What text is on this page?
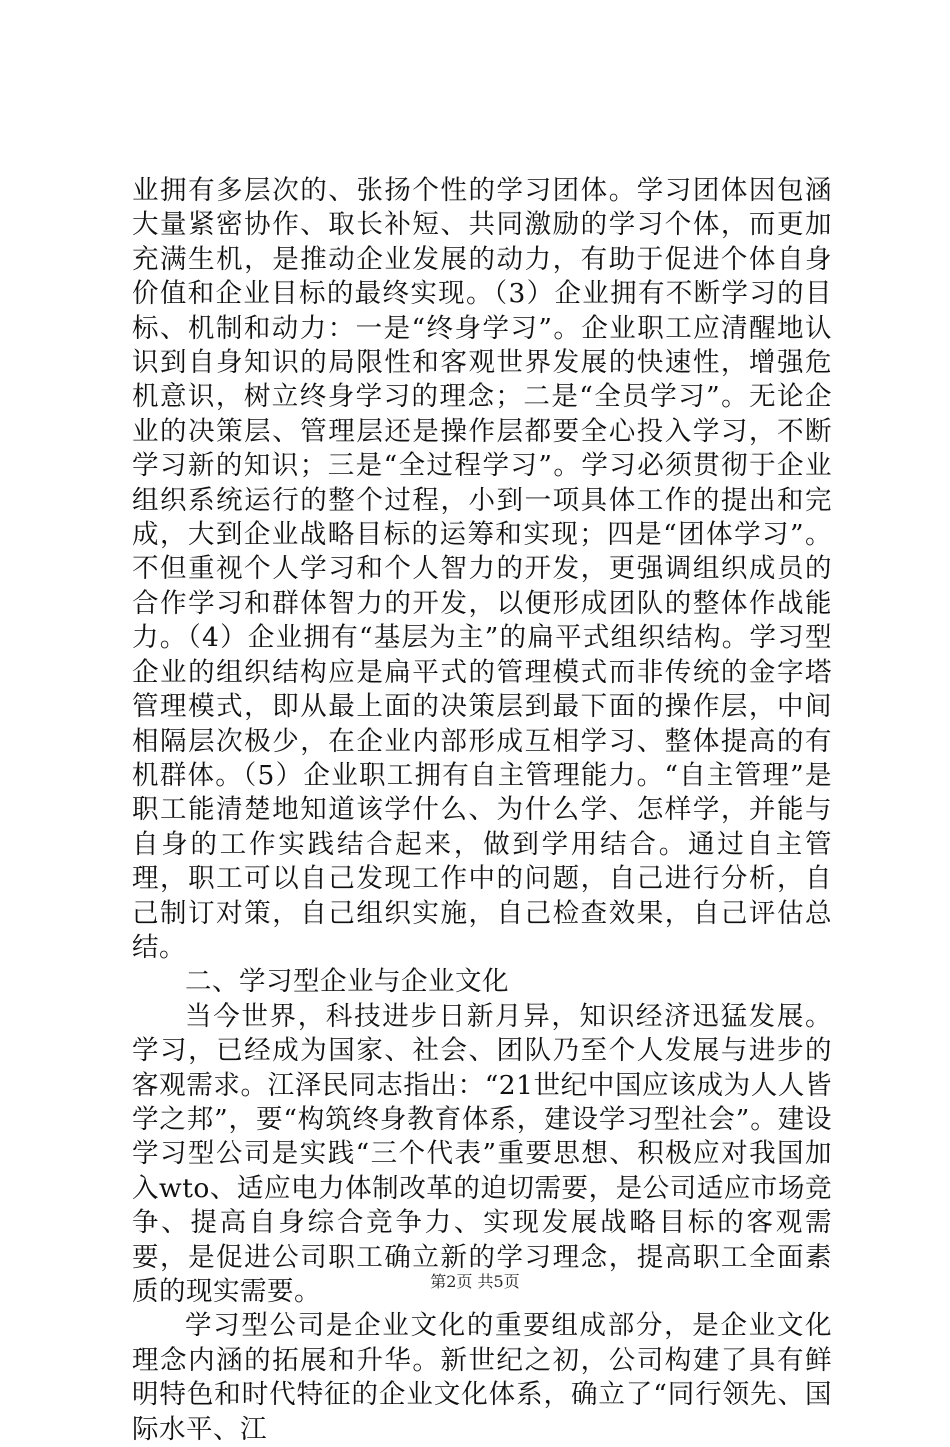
业拥有多层次的、张扬个性的学习团体。学习团体因包涵大量紧密协作、取长补短、共同激励的学习个体，而更加充满生机，是推动企业发展的动力，有助于促进个体自身价值和企业目标的最终实现。（3）企业拥有不断学习的目标、机制和动力：一是“终身学习”。企业职工应清醒地认识到自身知识的局限性和客观世界发展的快速性，增强危机意识，树立终身学习的理念；二是“全员学习”。无论企业的决策层、管理层还是操作层都要全心投入学习，不断学习新的知识；三是“全过程学习”。学习必须贯彻于企业组织系统运行的整个过程，小到一项具体工作的提出和完成，大到企业战略目标的运筹和实现；四是“团体学习”。不但重视个人学习和个人智力的开发，更强调组织成员的合作学习和群体智力的开发，以便形成团队的整体作战能力。（4）企业拥有“基层为主”的扁平式组织结构。学习型企业的组织结构应是扁平式的管理模式而非传统的金字塔管理模式，即从最上面的决策层到最下面的操作层，中间相隔层次极少，在企业内部形成互相学习、整体提高的有机群体。（5）企业职工拥有自主管理能力。“自主管理”是职工能清楚地知道该学什么、为什么学、怎样学，并能与自身的工作实践结合起来，做到学用结合。通过自主管理，职工可以自己发现工作中的问题，自己进行分析，自己制订对策，自己组织实施，自己检查效果，自己评估总结。

二、学习型企业与企业文化

当今世界，科技进步日新月异，知识经济迅猛发展。学习，已经成为国家、社会、团队乃至个人发展与进步的客观需求。江泽民同志指出：“21世纪中国应该成为人人皆学之邦”，要“构筑终身教育体系，建设学习型社会”。建设学习型公司是实践“三个代表”重要思想、积极应对我国加入wto、适应电力体制改革的迫切需要，是公司适应市场竞争、提高自身综合竞争力、实现发展战略目标的客观需要，是促进公司职工确立新的学习理念，提高职工全面素质的现实需要。

学习型公司是企业文化的重要组成部分，是企业文化理念内涵的拓展和升华。新世纪之初，公司构建了具有鲜明特色和时代特征的企业文化体系，确立了“同行领先、国际水平、江

第2页 共5页
